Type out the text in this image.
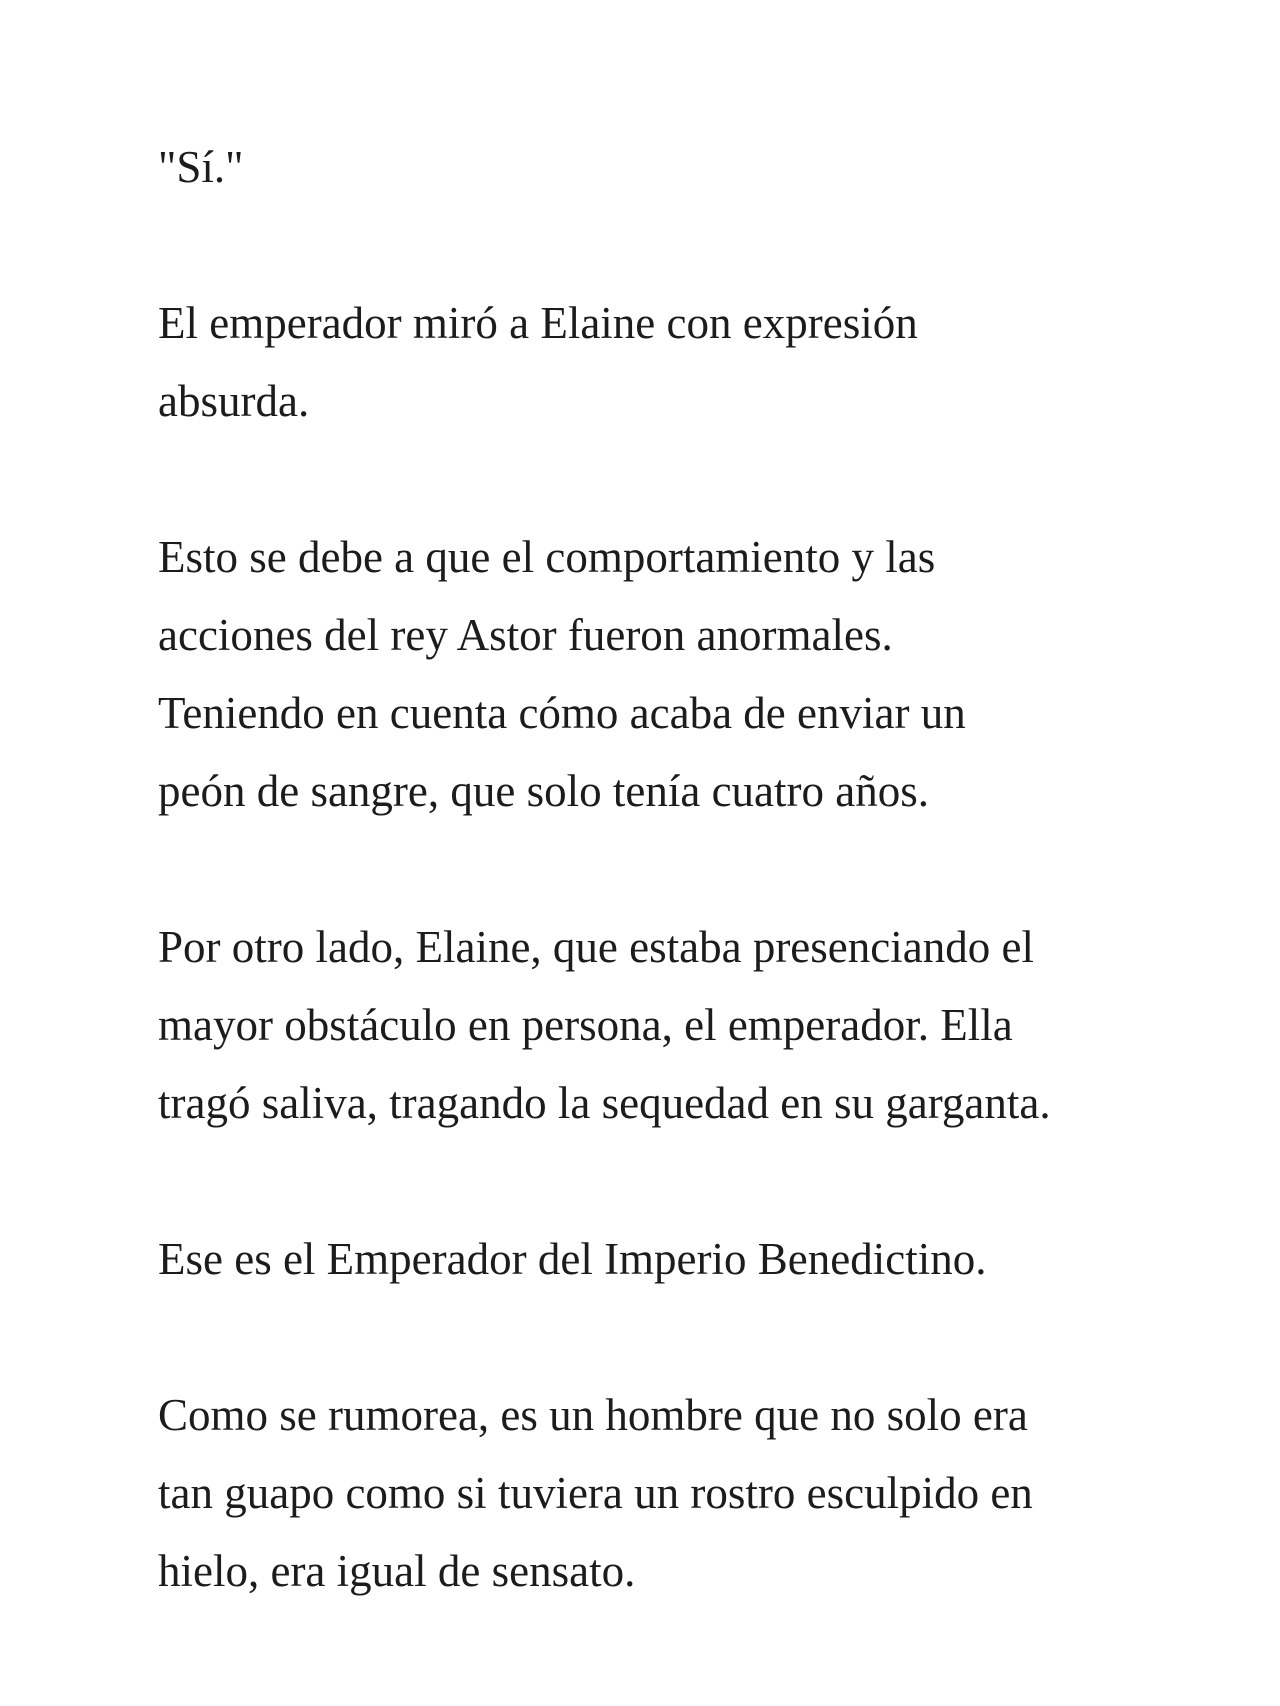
"Sí."

El emperador miró a Elaine con expresión
absurda.

Esto se debe a que el comportamiento y las
acciones del rey Astor fueron anormales.
Teniendo en cuenta cómo acaba de enviar un
peón de sangre, que solo tenía cuatro años.

Por otro lado, Elaine, que estaba presenciando el
mayor obstáculo en persona, el emperador. Ella
tragó saliva, tragando la sequedad en su garganta.

Ese es el Emperador del Imperio Benedictino.

Como se rumorea, es un hombre que no solo era
tan guapo como si tuviera un rostro esculpido en
hielo, era igual de sensato.
